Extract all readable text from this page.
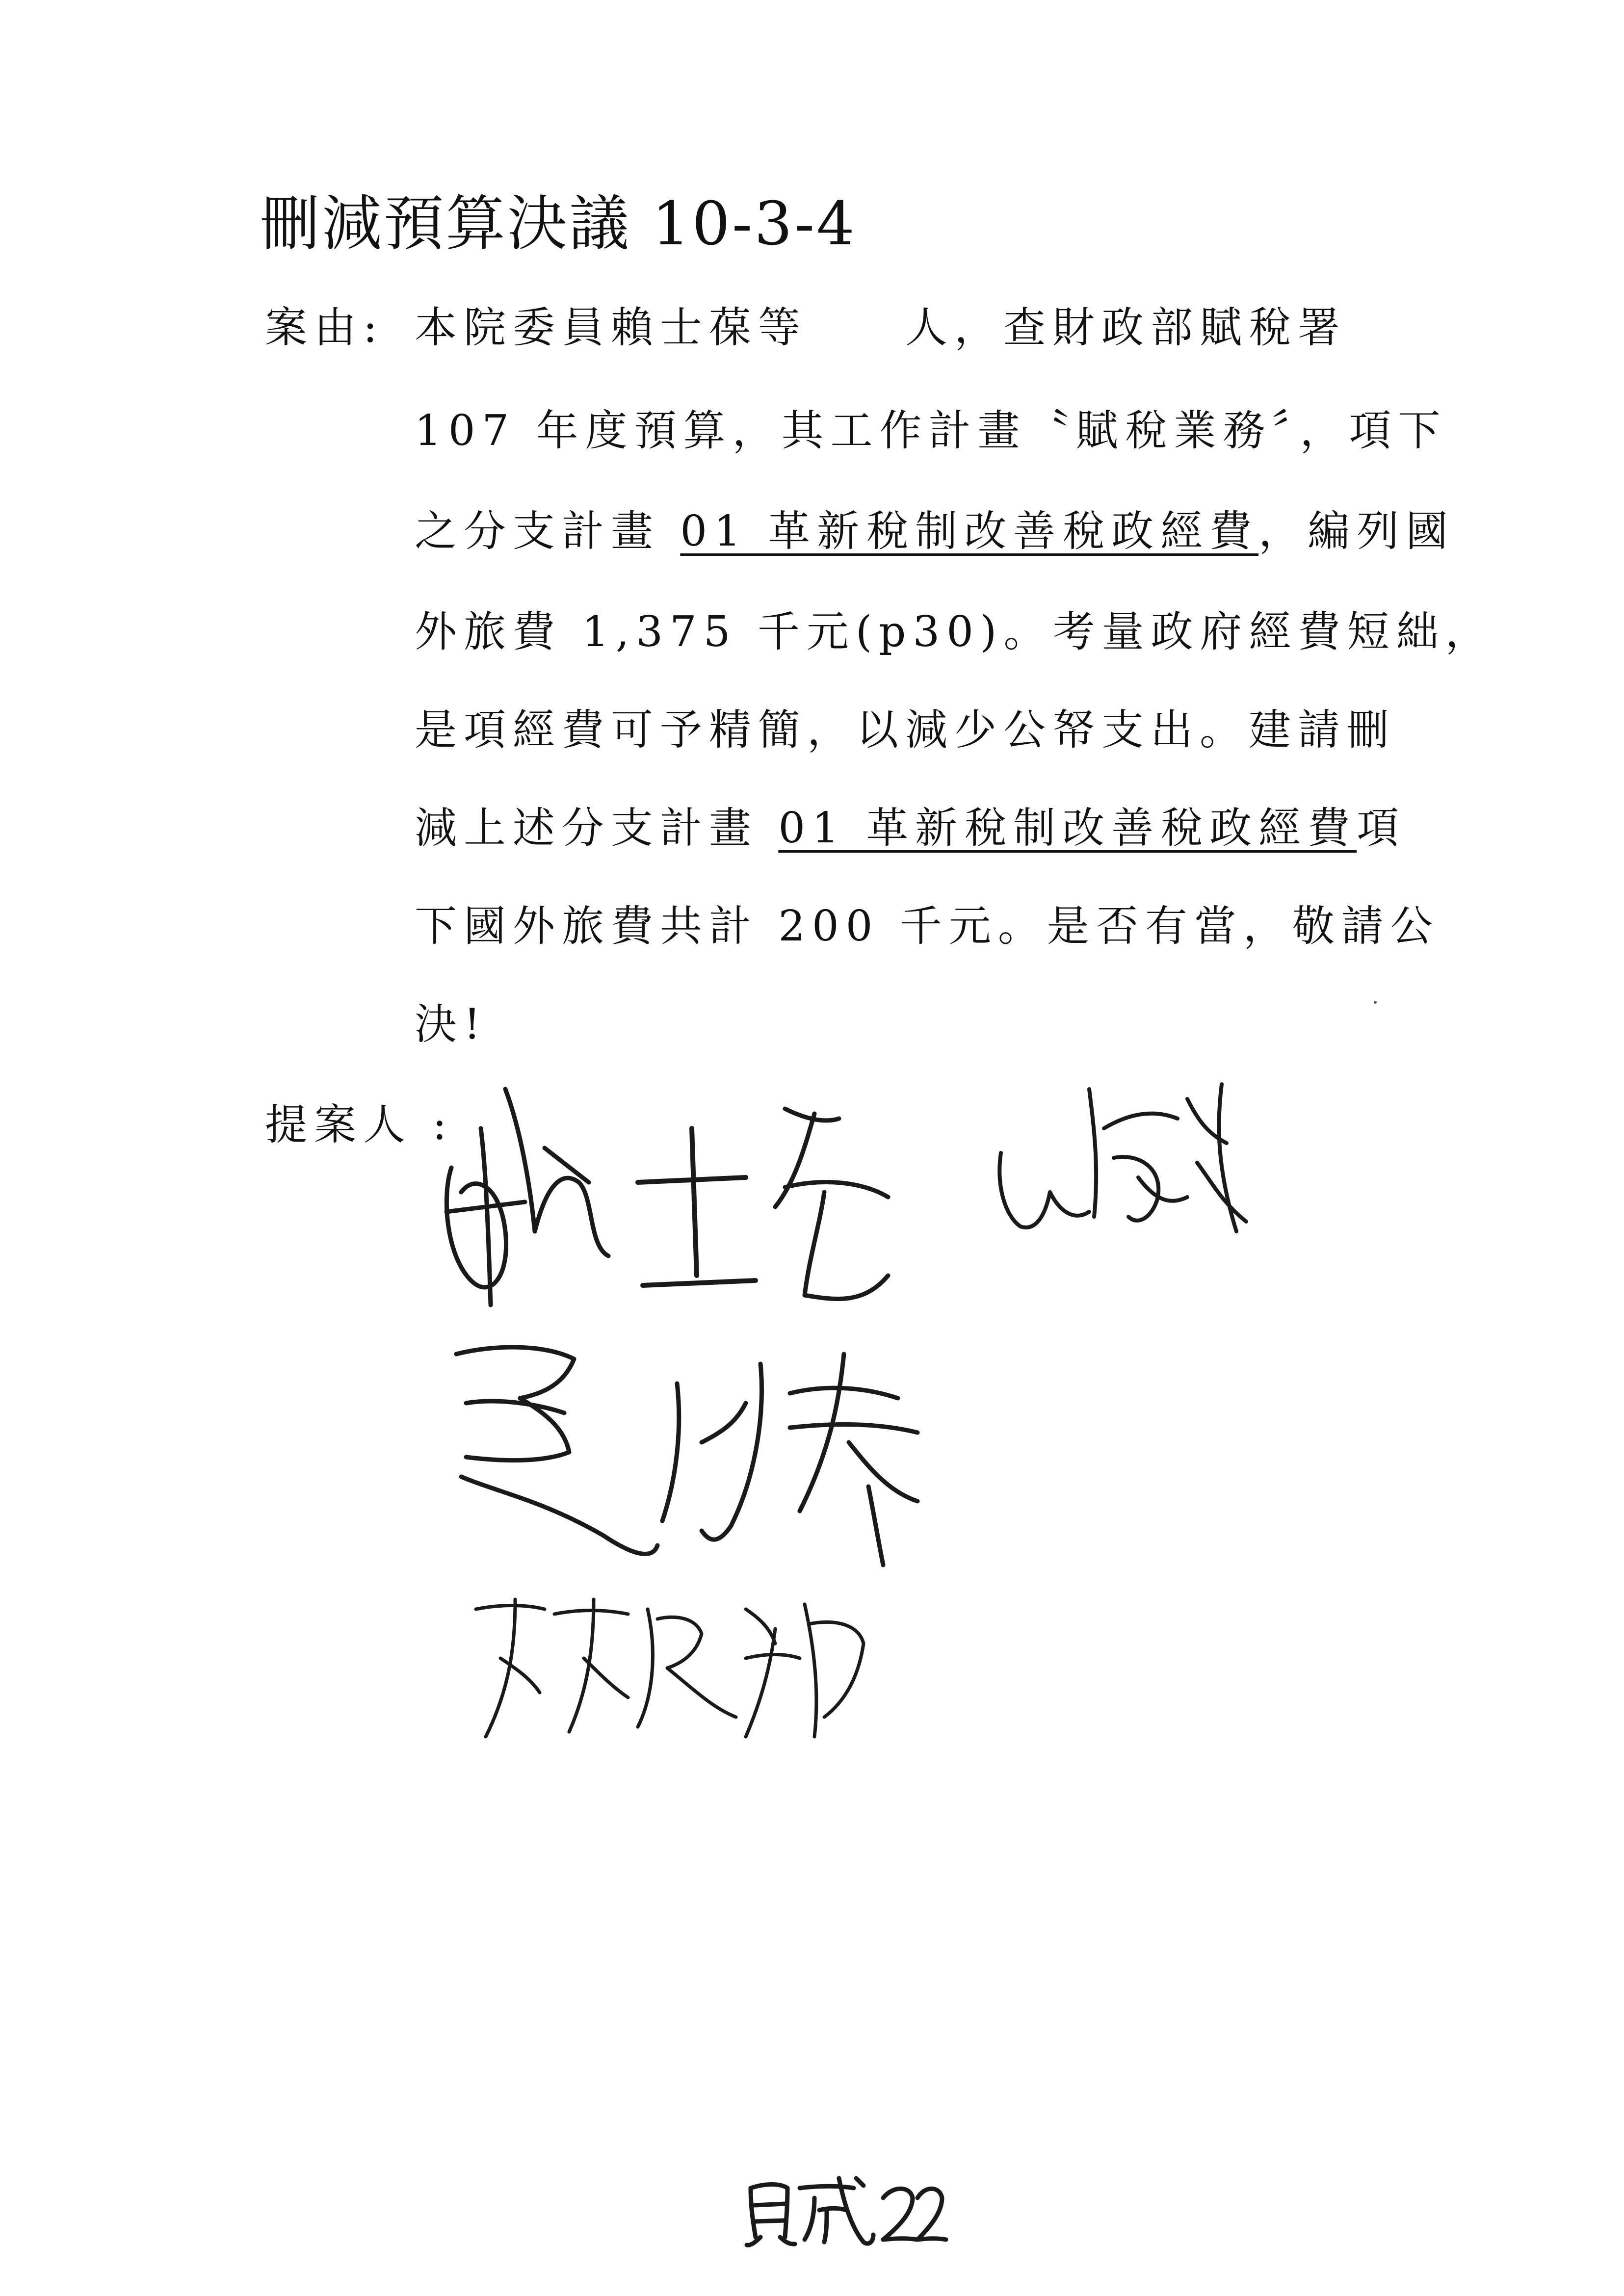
刪減預算決議 10-3-4
案由: 本院委員賴士葆等 人，查財政部賦稅署
107 年度預算，其工作計畫〝賦稅業務〞，項下
之分支計畫 01 革新稅制改善稅政經費，編列國
外旅費 1,375 千元(p30)。考量政府經費短絀，
是項經費可予精簡，以減少公帑支出。建請刪
減上述分支計畫 01 革新稅制改善稅政經費項
下國外旅費共計 200 千元。是否有當，敬請公
決!
提案人 :
